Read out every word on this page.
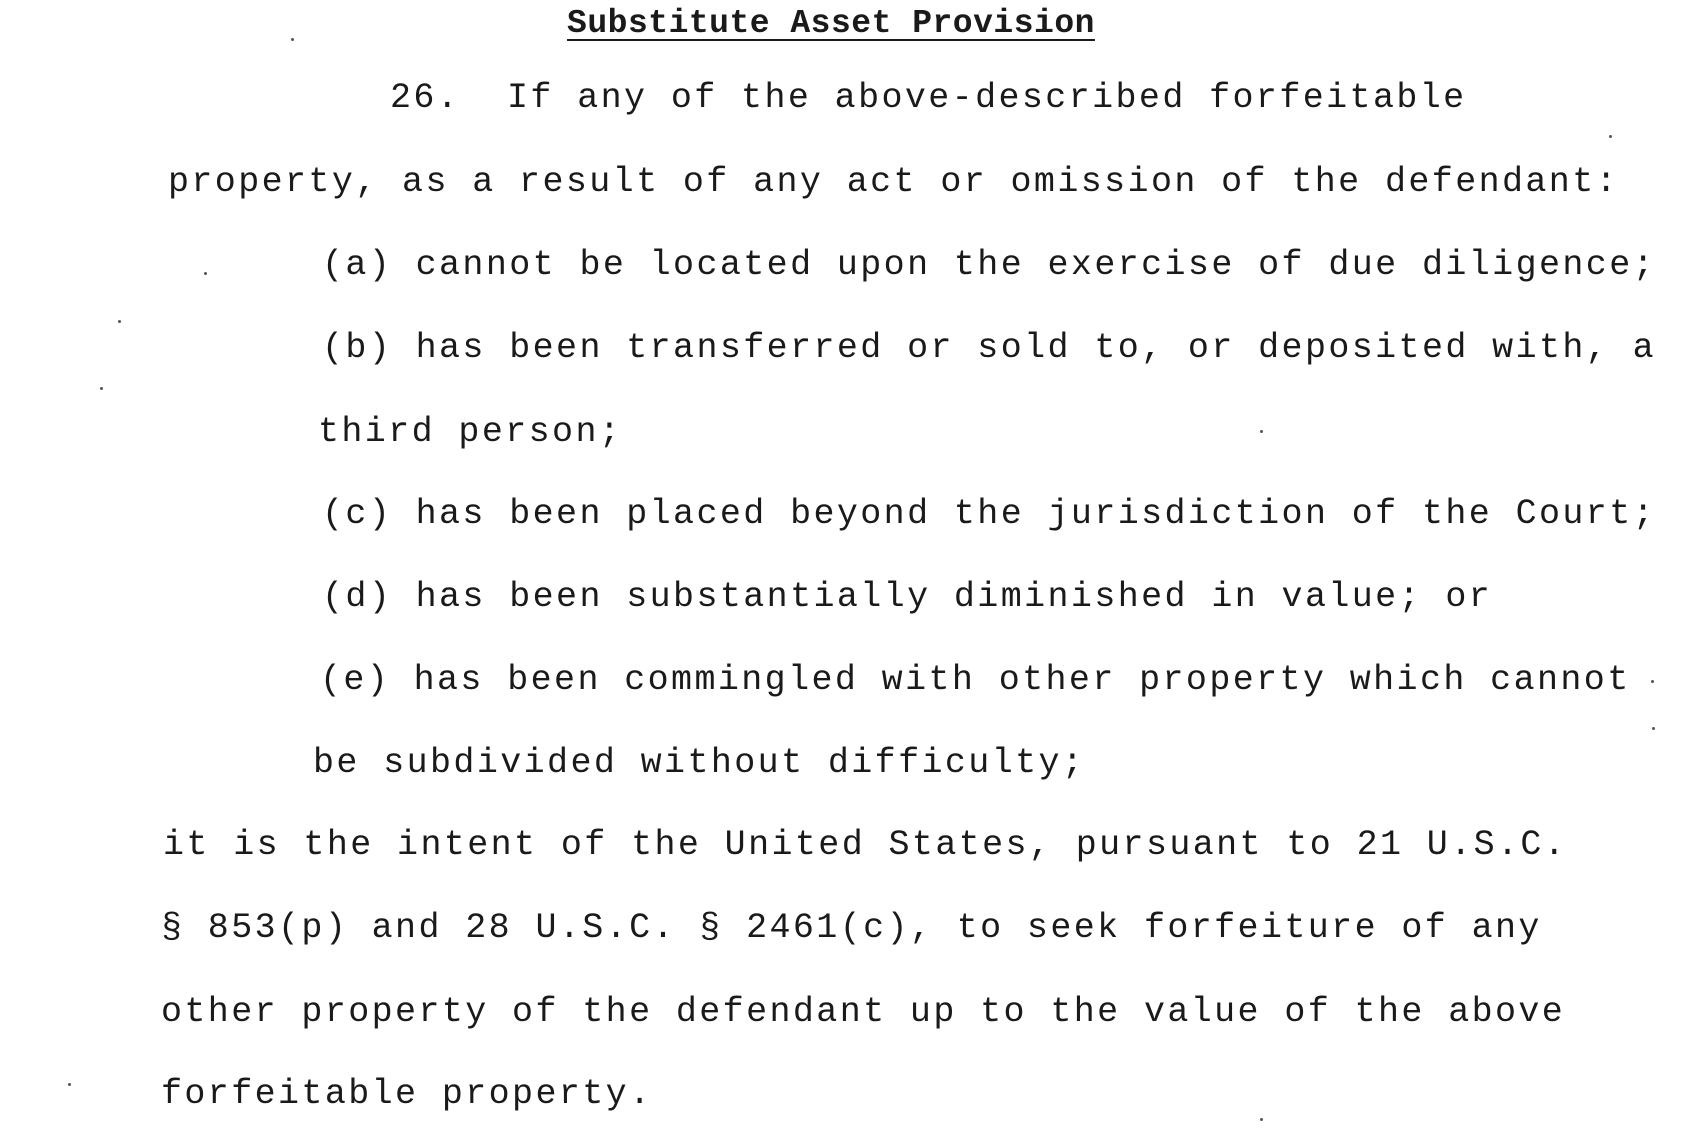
Substitute Asset Provision
26.  If any of the above-described forfeitable
property, as a result of any act or omission of the defendant:
(a) cannot be located upon the exercise of due diligence;
(b) has been transferred or sold to, or deposited with, a
third person;
(c) has been placed beyond the jurisdiction of the Court;
(d) has been substantially diminished in value; or
(e) has been commingled with other property which cannot
be subdivided without difficulty;
it is the intent of the United States, pursuant to 21 U.S.C.
§ 853(p) and 28 U.S.C. § 2461(c), to seek forfeiture of any
other property of the defendant up to the value of the above
forfeitable property.
